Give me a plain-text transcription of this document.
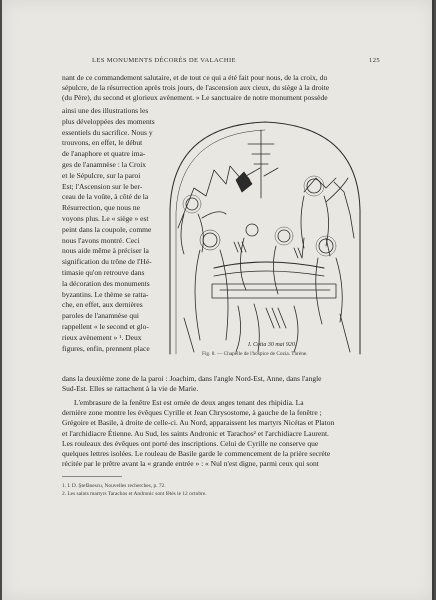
LES MONUMENTS DÉCORÉS DE VALACHIE	125
nant de ce commandement salutaire, et de tout ce qui a été fait pour nous, de la croix, du
sépulcre, de la résurrection après trois jours, de l'ascension aux cieux, du siège à la droite
(du Père), du second et glorieux avènement. » Le sanctuaire de notre monument possède
ainsi une des illustrations les
plus développées des moments
essentiels du sacrifice. Nous y
trouvons, en effet, le début
de l'anaphore et quatre ima-
ges de l'anamnèse : la Croix
et le Sépulcre, sur la paroi
Est; l'Ascension sur le ber-
ceau de la voûte, à côté de la
Résurrection, que nous ne
voyons plus. Le « siège » est
peint dans la coupole, comme
nous l'avons montré. Ceci
nous aide même à préciser la
signification du trône de l'Hé-
timasie qu'on retrouve dans
la décoration des monuments
byzantins. Le thème se ratta-
che, en effet, aux dernières
paroles de l'anamnèse qui
rappellent « le second et glo-
rieux avènement » ¹. Deux
figures, enfin, prennent place	I. Cotia 30 mai 920.
Fig. 8. — Chapelle de l'hospice de Cozia. Thrène.
dans la deuxième zone de la paroi : Joachim, dans l'angle Nord-Est, Anne, dans l'angle
Sud-Est. Elles se rattachent à la vie de Marie.
L'embrasure de la fenêtre Est est ornée de deux anges tenant des rhipidia. La
dernière zone montre les évêques Cyrille et Jean Chrysostome, à gauche de la fenêtre ;
Grégoire et Basile, à droite de celle-ci. Au Nord, apparaissent les martyrs Nicétas et Platon
et l'archidiacre Étienne. Au Sud, les saints Andronic et Tarachos² et l'archidiacre Laurent.
Les rouleaux des évêques ont porté des inscriptions. Celui de Cyrille ne conserve que
quelques lettres isolées. Le rouleau de Basile garde le commencement de la prière secrète
récitée par le prêtre avant la « grande entrée » : « Nul n'est digne, parmi ceux qui sont
1. I. D. Ştefănescu, Nouvelles recherches, p. 72.
2. Les saints martyrs Tarachos et Andronic sont fêtés le 12 octobre.
